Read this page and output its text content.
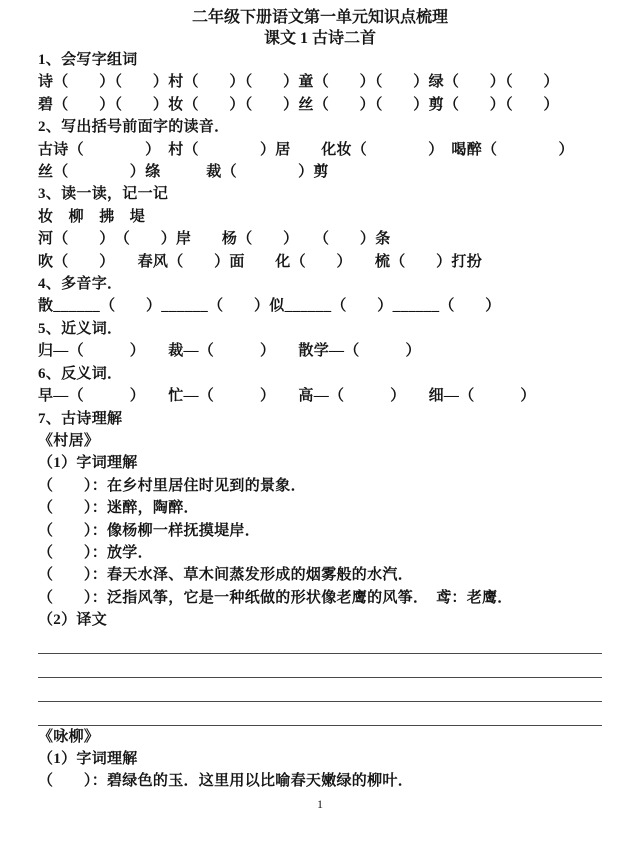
二年级下册语文第一单元知识点梳理
课文 1 古诗二首
1、会写字组词
诗（　　）（　　）村（　　）（　　）童（　　）（　　）绿（　　）（　　）
碧（　　）（　　）妆（　　）（　　）丝（　　）（　　）剪（　　）（　　）
2、写出括号前面字的读音．
古诗（　　　　）　村（　　　　）居　　化妆（　　　　）　喝醉（　　　　）
丝（　　　　）绦　　　裁（　　　　）剪
3、读一读，记一记
妆　柳　拂　堤
河（　　）　（　　）岸　　杨（　　）　　（　　）条
吹（　　）　　春风（　　）面　　化（　　）　　梳（　　）打扮
4、多音字．
散______（　　）______（　　）似______（　　）______（　　）
5、近义词．
归—（　　　）　　裁—（　　　）　　散学—（　　　）
6、反义词．
早—（　　　）　　忙—（　　　）　　高—（　　　）　　细—（　　　）
7、古诗理解
《村居》
（1）字词理解
（　　）：在乡村里居住时见到的景象．
（　　）：迷醉，陶醉．
（　　）：像杨柳一样抚摸堤岸．
（　　）：放学．
（　　）：春天水泽、草木间蒸发形成的烟雾般的水汽．
（　　）：泛指风筝，它是一种纸做的形状像老鹰的风筝．　鸢：老鹰．
（2）译文
《咏柳》
（1）字词理解
（　　）：碧绿色的玉．这里用以比喻春天嫩绿的柳叶．
1
